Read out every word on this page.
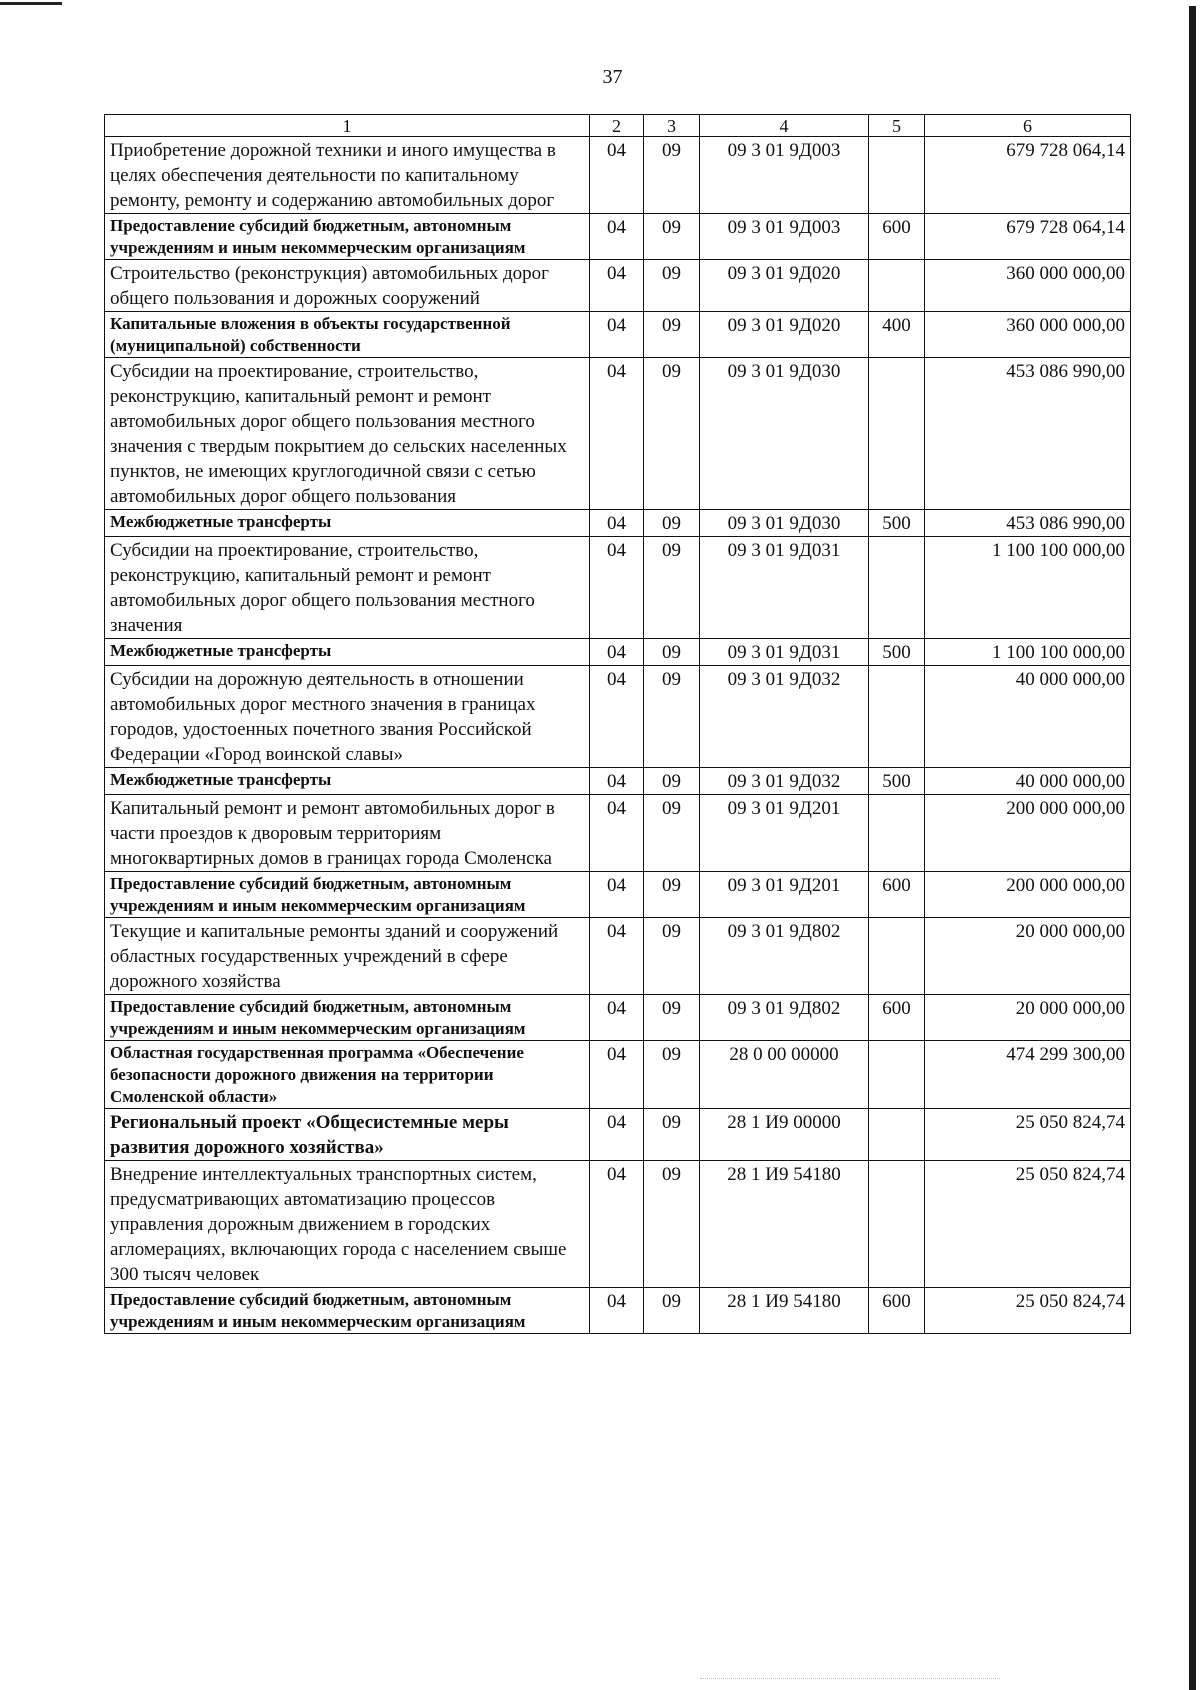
37
1	2	3	4	5	6
Приобретение дорожной техники и иного имущества в целях обеспечения деятельности по капитальному ремонту, ремонту и содержанию автомобильных дорог	04	09	09 3 01 9Д003		679 728 064,14
Предоставление субсидий бюджетным, автономным учреждениям и иным некоммерческим организациям	04	09	09 3 01 9Д003	600	679 728 064,14
Строительство (реконструкция) автомобильных дорог общего пользования и дорожных сооружений	04	09	09 3 01 9Д020		360 000 000,00
Капитальные вложения в объекты государственной (муниципальной) собственности	04	09	09 3 01 9Д020	400	360 000 000,00
Субсидии на проектирование, строительство, реконструкцию, капитальный ремонт и ремонт автомобильных дорог общего пользования местного значения с твердым покрытием до сельских населенных пунктов, не имеющих круглогодичной связи с сетью автомобильных дорог общего пользования	04	09	09 3 01 9Д030		453 086 990,00
Межбюджетные трансферты	04	09	09 3 01 9Д030	500	453 086 990,00
Субсидии на проектирование, строительство, реконструкцию, капитальный ремонт и ремонт автомобильных дорог общего пользования местного значения	04	09	09 3 01 9Д031		1 100 100 000,00
Межбюджетные трансферты	04	09	09 3 01 9Д031	500	1 100 100 000,00
Субсидии на дорожную деятельность в отношении автомобильных дорог местного значения в границах городов, удостоенных почетного звания Российской Федерации «Город воинской славы»	04	09	09 3 01 9Д032		40 000 000,00
Межбюджетные трансферты	04	09	09 3 01 9Д032	500	40 000 000,00
Капитальный ремонт и ремонт автомобильных дорог в части проездов к дворовым территориям многоквартирных домов в границах города Смоленска	04	09	09 3 01 9Д201		200 000 000,00
Предоставление субсидий бюджетным, автономным учреждениям и иным некоммерческим организациям	04	09	09 3 01 9Д201	600	200 000 000,00
Текущие и капитальные ремонты зданий и сооружений областных государственных учреждений в сфере дорожного хозяйства	04	09	09 3 01 9Д802		20 000 000,00
Предоставление субсидий бюджетным, автономным учреждениям и иным некоммерческим организациям	04	09	09 3 01 9Д802	600	20 000 000,00
Областная государственная программа «Обеспечение безопасности дорожного движения на территории Смоленской области»	04	09	28 0 00 00000		474 299 300,00
Региональный проект «Общесистемные меры развития дорожного хозяйства»	04	09	28 1 И9 00000		25 050 824,74
Внедрение интеллектуальных транспортных систем, предусматривающих автоматизацию процессов управления дорожным движением в городских агломерациях, включающих города с населением свыше 300 тысяч человек	04	09	28 1 И9 54180		25 050 824,74
Предоставление субсидий бюджетным, автономным учреждениям и иным некоммерческим организациям	04	09	28 1 И9 54180	600	25 050 824,74
